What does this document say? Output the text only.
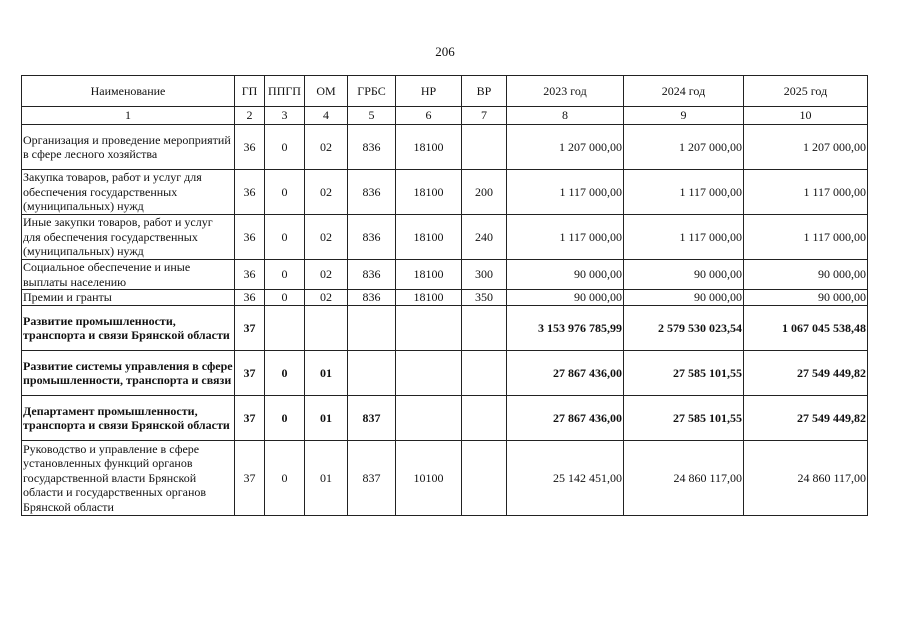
206
Наименование	ГП	ППГП	ОМ	ГРБС	НР	ВР	2023 год	2024 год	2025 год
1	2	3	4	5	6	7	8	9	10
Организация и проведение мероприятий в сфере лесного хозяйства	36	0	02	836	18100		1 207 000,00	1 207 000,00	1 207 000,00
Закупка товаров, работ и услуг для обеспечения государственных (муниципальных) нужд	36	0	02	836	18100	200	1 117 000,00	1 117 000,00	1 117 000,00
Иные закупки товаров, работ и услуг для обеспечения государственных (муниципальных) нужд	36	0	02	836	18100	240	1 117 000,00	1 117 000,00	1 117 000,00
Социальное обеспечение и иные выплаты населению	36	0	02	836	18100	300	90 000,00	90 000,00	90 000,00
Премии и гранты	36	0	02	836	18100	350	90 000,00	90 000,00	90 000,00
Развитие промышленности, транспорта и связи Брянской области	37						3 153 976 785,99	2 579 530 023,54	1 067 045 538,48
Развитие системы управления в сфере промышленности, транспорта и связи	37	0	01				27 867 436,00	27 585 101,55	27 549 449,82
Департамент промышленности, транспорта и связи Брянской области	37	0	01	837			27 867 436,00	27 585 101,55	27 549 449,82
Руководство и управление в сфере установленных функций органов государственной власти Брянской области и государственных органов Брянской области	37	0	01	837	10100		25 142 451,00	24 860 117,00	24 860 117,00
